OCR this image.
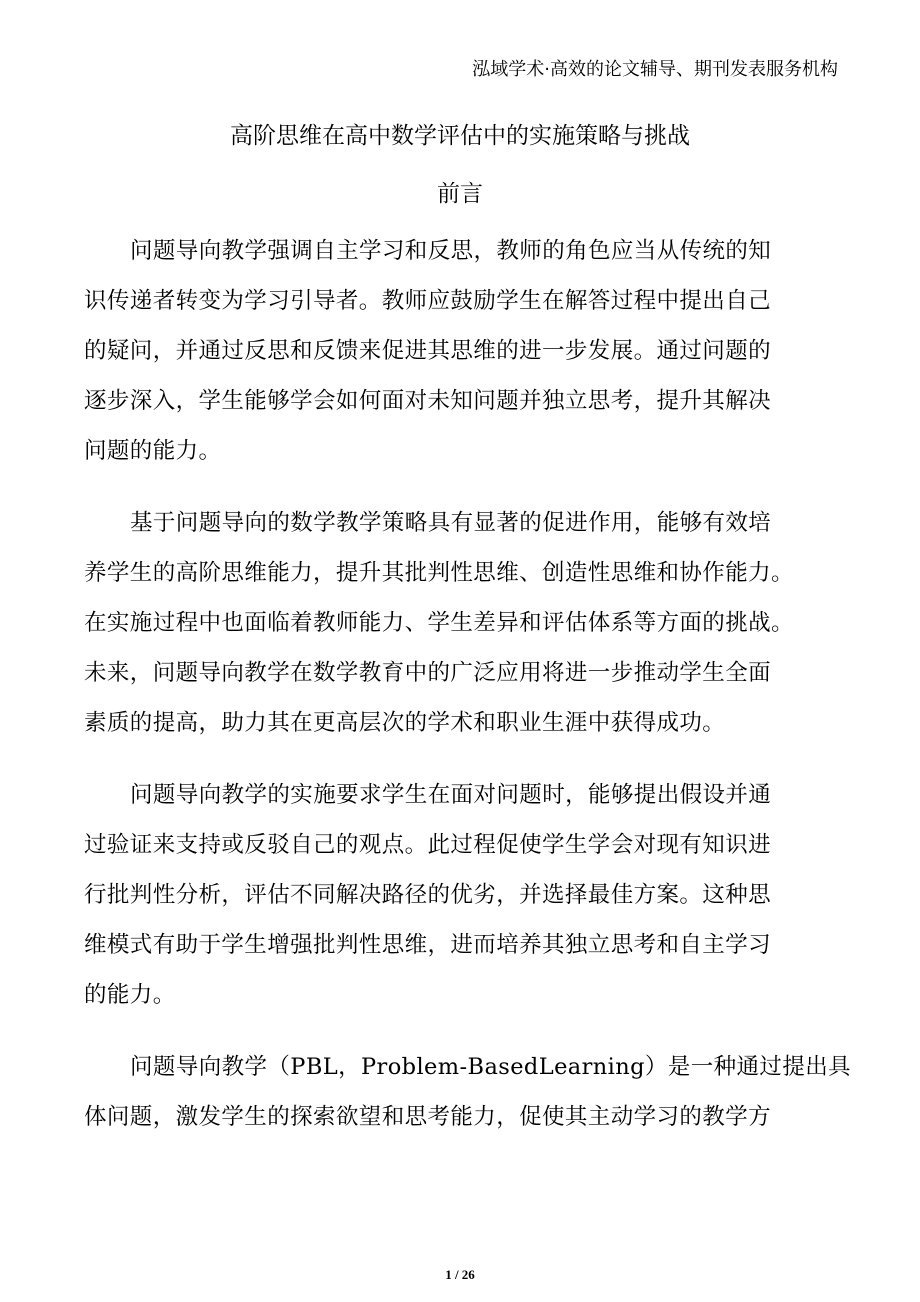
泓域学术·高效的论文辅导、期刊发表服务机构
高阶思维在高中数学评估中的实施策略与挑战
前言
问题导向教学强调自主学习和反思，教师的角色应当从传统的知
识传递者转变为学习引导者。教师应鼓励学生在解答过程中提出自己
的疑问，并通过反思和反馈来促进其思维的进一步发展。通过问题的
逐步深入，学生能够学会如何面对未知问题并独立思考，提升其解决
问题的能力。
基于问题导向的数学教学策略具有显著的促进作用，能够有效培
养学生的高阶思维能力，提升其批判性思维、创造性思维和协作能力。
在实施过程中也面临着教师能力、学生差异和评估体系等方面的挑战。
未来，问题导向教学在数学教育中的广泛应用将进一步推动学生全面
素质的提高，助力其在更高层次的学术和职业生涯中获得成功。
问题导向教学的实施要求学生在面对问题时，能够提出假设并通
过验证来支持或反驳自己的观点。此过程促使学生学会对现有知识进
行批判性分析，评估不同解决路径的优劣，并选择最佳方案。这种思
维模式有助于学生增强批判性思维，进而培养其独立思考和自主学习
的能力。
问题导向教学（PBL，Problem-BasedLearning）是一种通过提出具
体问题，激发学生的探索欲望和思考能力，促使其主动学习的教学方
1 / 26
